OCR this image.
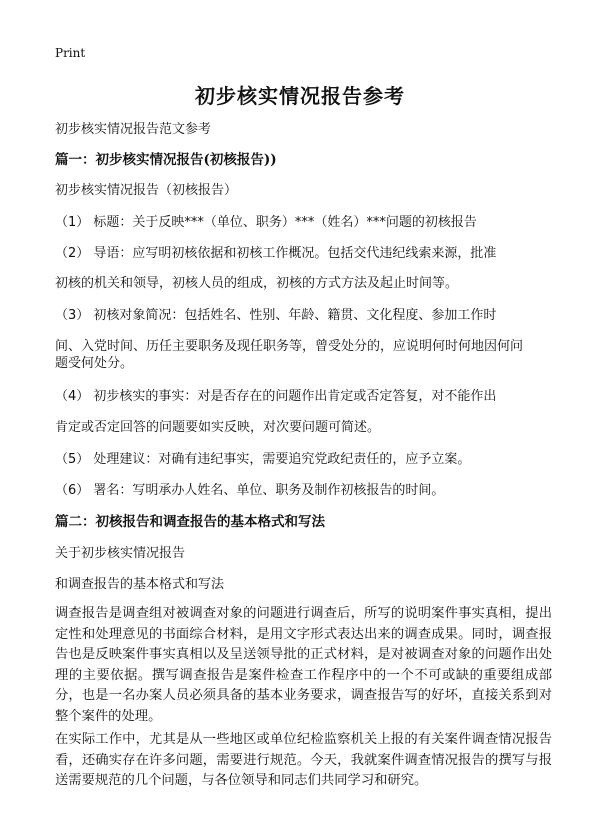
Print
初步核实情况报告参考
初步核实情况报告范文参考
篇一：初步核实情况报告(初核报告))
初步核实情况报告（初核报告）
（1） 标题：关于反映***（单位、职务）***（姓名）***问题的初核报告
（2） 导语：应写明初核依据和初核工作概况。包括交代违纪线索来源，批准
初核的机关和领导，初核人员的组成，初核的方式方法及起止时间等。
（3） 初核对象简况：包括姓名、性别、年龄、籍贯、文化程度、参加工作时
间、入党时间、历任主要职务及现任职务等，曾受处分的，应说明何时何地因何问
题受何处分。
（4） 初步核实的事实：对是否存在的问题作出肯定或否定答复，对不能作出
肯定或否定回答的问题要如实反映，对次要问题可简述。
（5） 处理建议：对确有违纪事实，需要追究党政纪责任的，应予立案。
（6） 署名：写明承办人姓名、单位、职务及制作初核报告的时间。
篇二：初核报告和调查报告的基本格式和写法
关于初步核实情况报告
和调查报告的基本格式和写法
调查报告是调查组对被调查对象的问题进行调查后，所写的说明案件事实真相，提出定性和处理意见的书面综合材料，是用文字形式表达出来的调查成果。同时，调查报告也是反映案件事实真相以及呈送领导批的正式材料，是对被调查对象的问题作出处理的主要依据。撰写调查报告是案件检查工作程序中的一个不可或缺的重要组成部分，也是一名办案人员必须具备的基本业务要求，调查报告写的好坏，直接关系到对整个案件的处理。
在实际工作中，尤其是从一些地区或单位纪检监察机关上报的有关案件调查情况报告看，还确实存在许多问题，需要进行规范。今天，我就案件调查情况报告的撰写与报送需要规范的几个问题，与各位领导和同志们共同学习和研究。
